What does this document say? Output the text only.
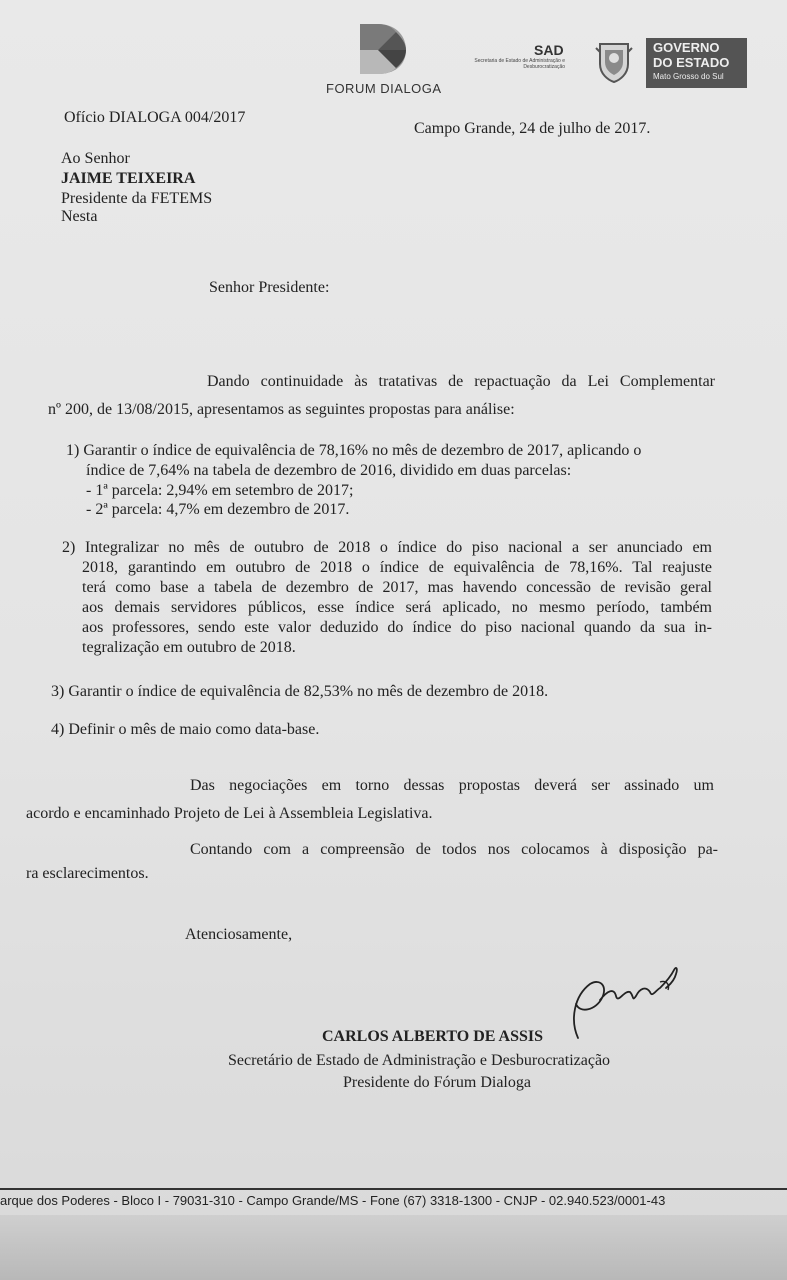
FORUM DIALOGA
SAD
Secretaria de Estado de Administração e Desburocratização
GOVERNO
DO ESTADO
Mato Grosso do Sul
Ofício DIALOGA 004/2017
Campo Grande, 24 de julho de 2017.
Ao Senhor
JAIME TEIXEIRA
Presidente da FETEMS
Nesta
Senhor Presidente:
Dando continuidade às tratativas de repactuação da Lei Complementar
nº 200, de 13/08/2015, apresentamos as seguintes propostas para análise:
1) Garantir o índice de equivalência de 78,16% no mês de dezembro de 2017, aplicando o
índice de 7,64% na tabela de dezembro de 2016, dividido em duas parcelas:
- 1ª parcela: 2,94% em setembro de 2017;
- 2ª parcela: 4,7% em dezembro de 2017.
2) Integralizar no mês de outubro de 2018 o índice do piso nacional a ser anunciado em
2018, garantindo em outubro de 2018 o índice de equivalência de 78,16%. Tal reajuste
terá como base a tabela de dezembro de 2017, mas havendo concessão de revisão geral
aos demais servidores públicos, esse índice será aplicado, no mesmo período, também
aos professores, sendo este valor deduzido do índice do piso nacional quando da sua in-
tegralização em outubro de 2018.
3) Garantir o índice de equivalência de 82,53% no mês de dezembro de 2018.
4) Definir o mês de maio como data-base.
Das negociações em torno dessas propostas deverá ser assinado um
acordo e encaminhado Projeto de Lei à Assembleia Legislativa.
Contando com a compreensão de todos nos colocamos à disposição pa-
ra esclarecimentos.
Atenciosamente,
CARLOS ALBERTO DE ASSIS
Secretário de Estado de Administração e Desburocratização
Presidente do Fórum Dialoga
arque dos Poderes - Bloco I - 79031-310 - Campo Grande/MS - Fone (67) 3318-1300 - CNJP - 02.940.523/0001-43
